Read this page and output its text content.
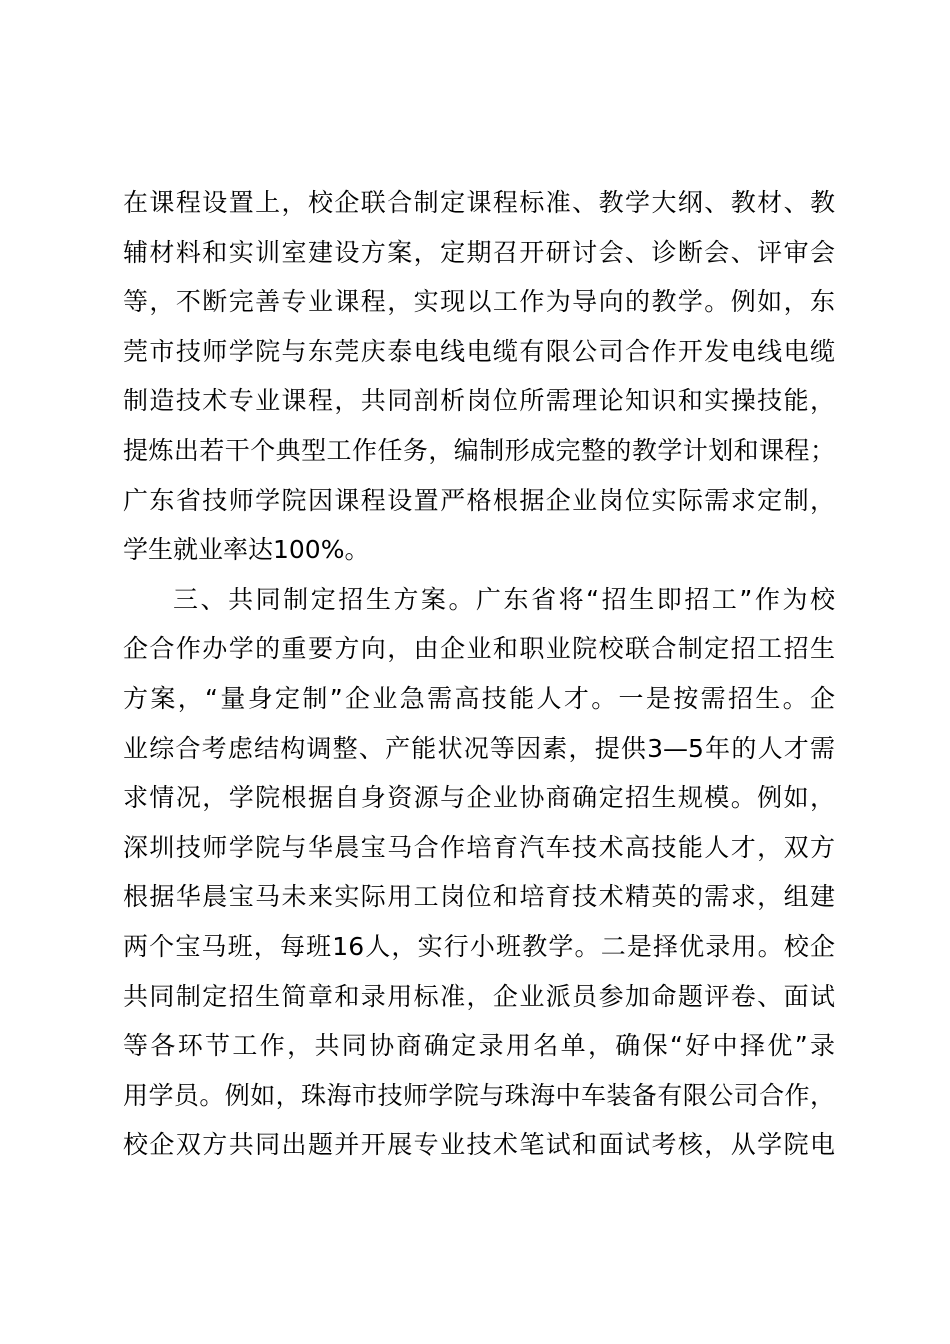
在课程设置上，校企联合制定课程标准、教学大纲、教材、教
辅材料和实训室建设方案，定期召开研讨会、诊断会、评审会
等，不断完善专业课程，实现以工作为导向的教学。例如，东
莞市技师学院与东莞庆泰电线电缆有限公司合作开发电线电缆
制造技术专业课程，共同剖析岗位所需理论知识和实操技能，
提炼出若干个典型工作任务，编制形成完整的教学计划和课程；
广东省技师学院因课程设置严格根据企业岗位实际需求定制，
学生就业率达100%。
三、共同制定招生方案。广东省将“招生即招工”作为校
企合作办学的重要方向，由企业和职业院校联合制定招工招生
方案，“量身定制”企业急需高技能人才。一是按需招生。企
业综合考虑结构调整、产能状况等因素，提供3—5年的人才需
求情况，学院根据自身资源与企业协商确定招生规模。例如，
深圳技师学院与华晨宝马合作培育汽车技术高技能人才，双方
根据华晨宝马未来实际用工岗位和培育技术精英的需求，组建
两个宝马班，每班16人，实行小班教学。二是择优录用。校企
共同制定招生简章和录用标准，企业派员参加命题评卷、面试
等各环节工作，共同协商确定录用名单，确保“好中择优”录
用学员。例如，珠海市技师学院与珠海中车装备有限公司合作，
校企双方共同出题并开展专业技术笔试和面试考核，从学院电
